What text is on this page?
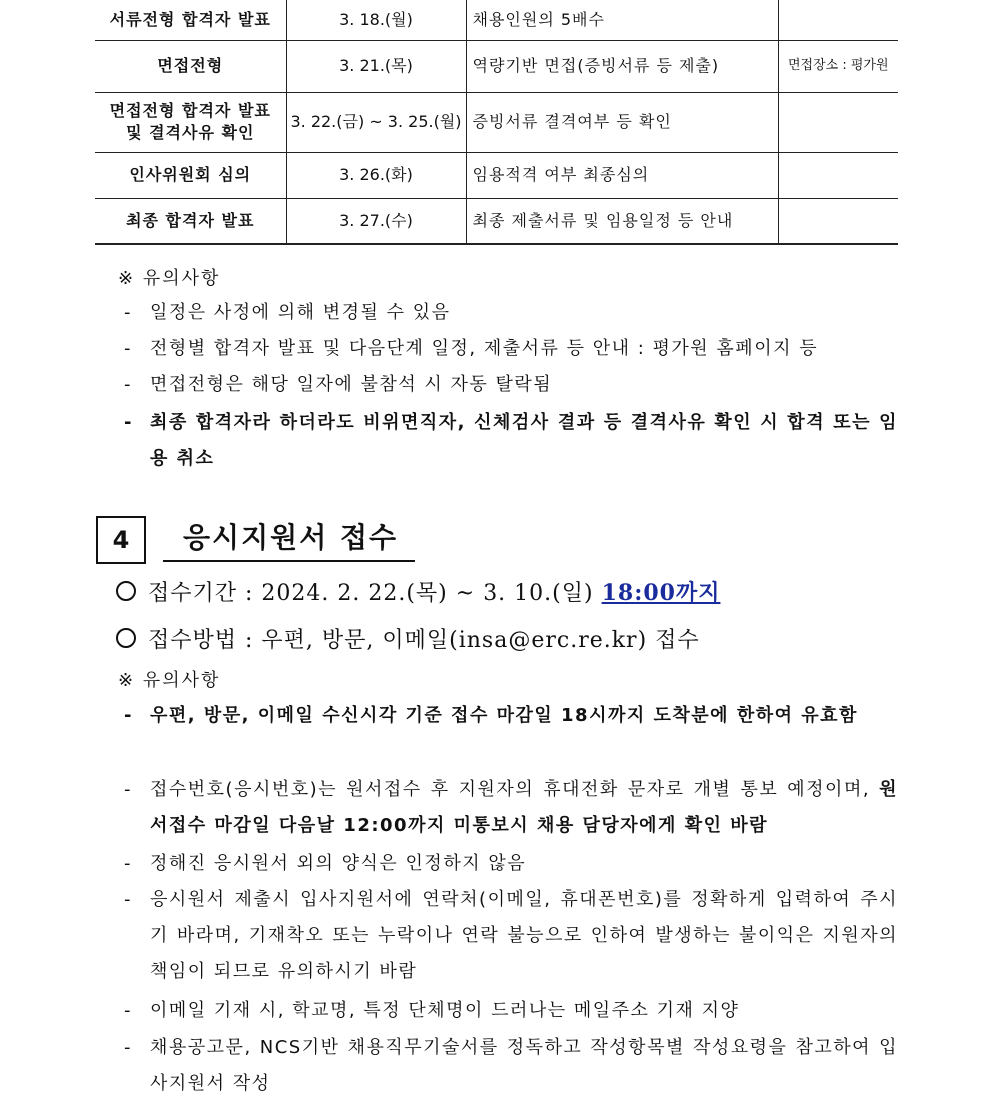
서류전형 합격자 발표	3. 18.(월)	채용인원의 5배수	
면접전형	3. 21.(목)	역량기반 면접(증빙서류 등 제출)	면접장소 : 평가원
면접전형 합격자 발표 및 결격사유 확인	3. 22.(금) ~ 3. 25.(월)	증빙서류 결격여부 등 확인	
인사위원회 심의	3. 26.(화)	임용적격 여부 최종심의	
최종 합격자 발표	3. 27.(수)	최종 제출서류 및 임용일정 등 안내	
※ 유의사항
- 일정은 사정에 의해 변경될 수 있음
- 전형별 합격자 발표 및 다음단계 일정, 제출서류 등 안내 : 평가원 홈페이지 등
- 면접전형은 해당 일자에 불참석 시 자동 탈락됨
- 최종 합격자라 하더라도 비위면직자, 신체검사 결과 등 결격사유 확인 시 합격 또는 임용 취소
4	응시지원서 접수
접수기간 : 2024. 2. 22.(목) ~ 3. 10.(일) 18:00까지
접수방법 : 우편, 방문, 이메일(insa@erc.re.kr) 접수
※ 유의사항
- 우편, 방문, 이메일 수신시각 기준 접수 마감일 18시까지 도착분에 한하여 유효함
- 접수번호(응시번호)는 원서접수 후 지원자의 휴대전화 문자로 개별 통보 예정이며, 원서접수 마감일 다음날 12:00까지 미통보시 채용 담당자에게 확인 바람
- 정해진 응시원서 외의 양식은 인정하지 않음
- 응시원서 제출시 입사지원서에 연락처(이메일, 휴대폰번호)를 정확하게 입력하여 주시기 바라며, 기재착오 또는 누락이나 연락 불능으로 인하여 발생하는 불이익은 지원자의 책임이 되므로 유의하시기 바람
- 이메일 기재 시, 학교명, 특정 단체명이 드러나는 메일주소 기재 지양
- 채용공고문, NCS기반 채용직무기술서를 정독하고 작성항목별 작성요령을 참고하여 입사지원서 작성
